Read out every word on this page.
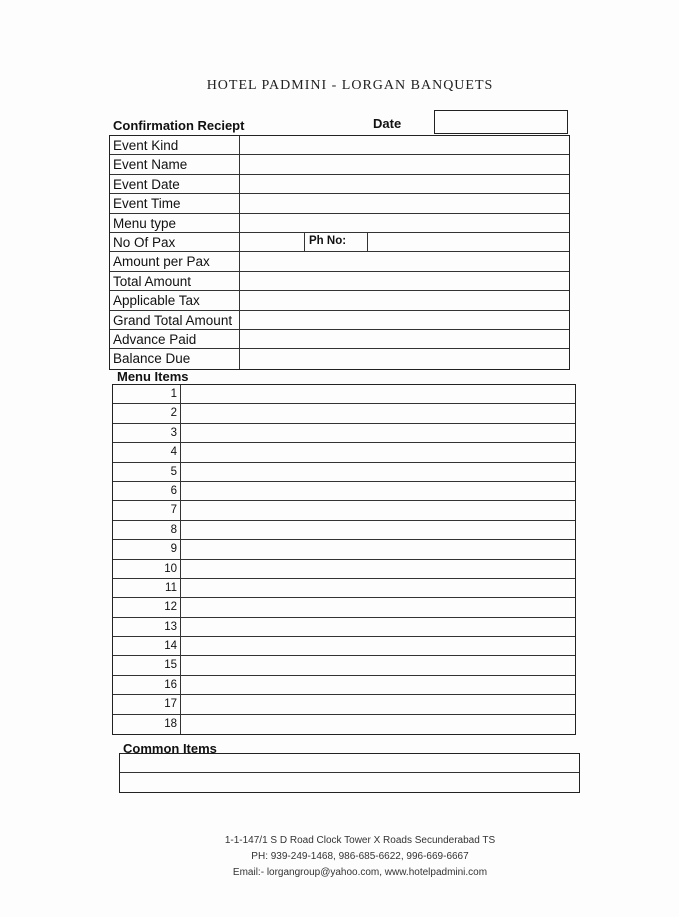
HOTEL PADMINI - LORGAN BANQUETS
Confirmation Reciept	Date
Event Kind
Event Name
Event Date
Event Time
Menu type
No Of Pax	Ph No:
Amount per Pax
Total Amount
Applicable Tax
Grand Total Amount
Advance Paid
Balance Due
Menu Items
1
2
3
4
5
6
7
8
9
10
11
12
13
14
15
16
17
18
Common Items
1-1-147/1 S D Road Clock Tower X Roads Secunderabad TS
PH: 939-249-1468, 986-685-6622, 996-669-6667
Email:- lorgangroup@yahoo.com, www.hotelpadmini.com
